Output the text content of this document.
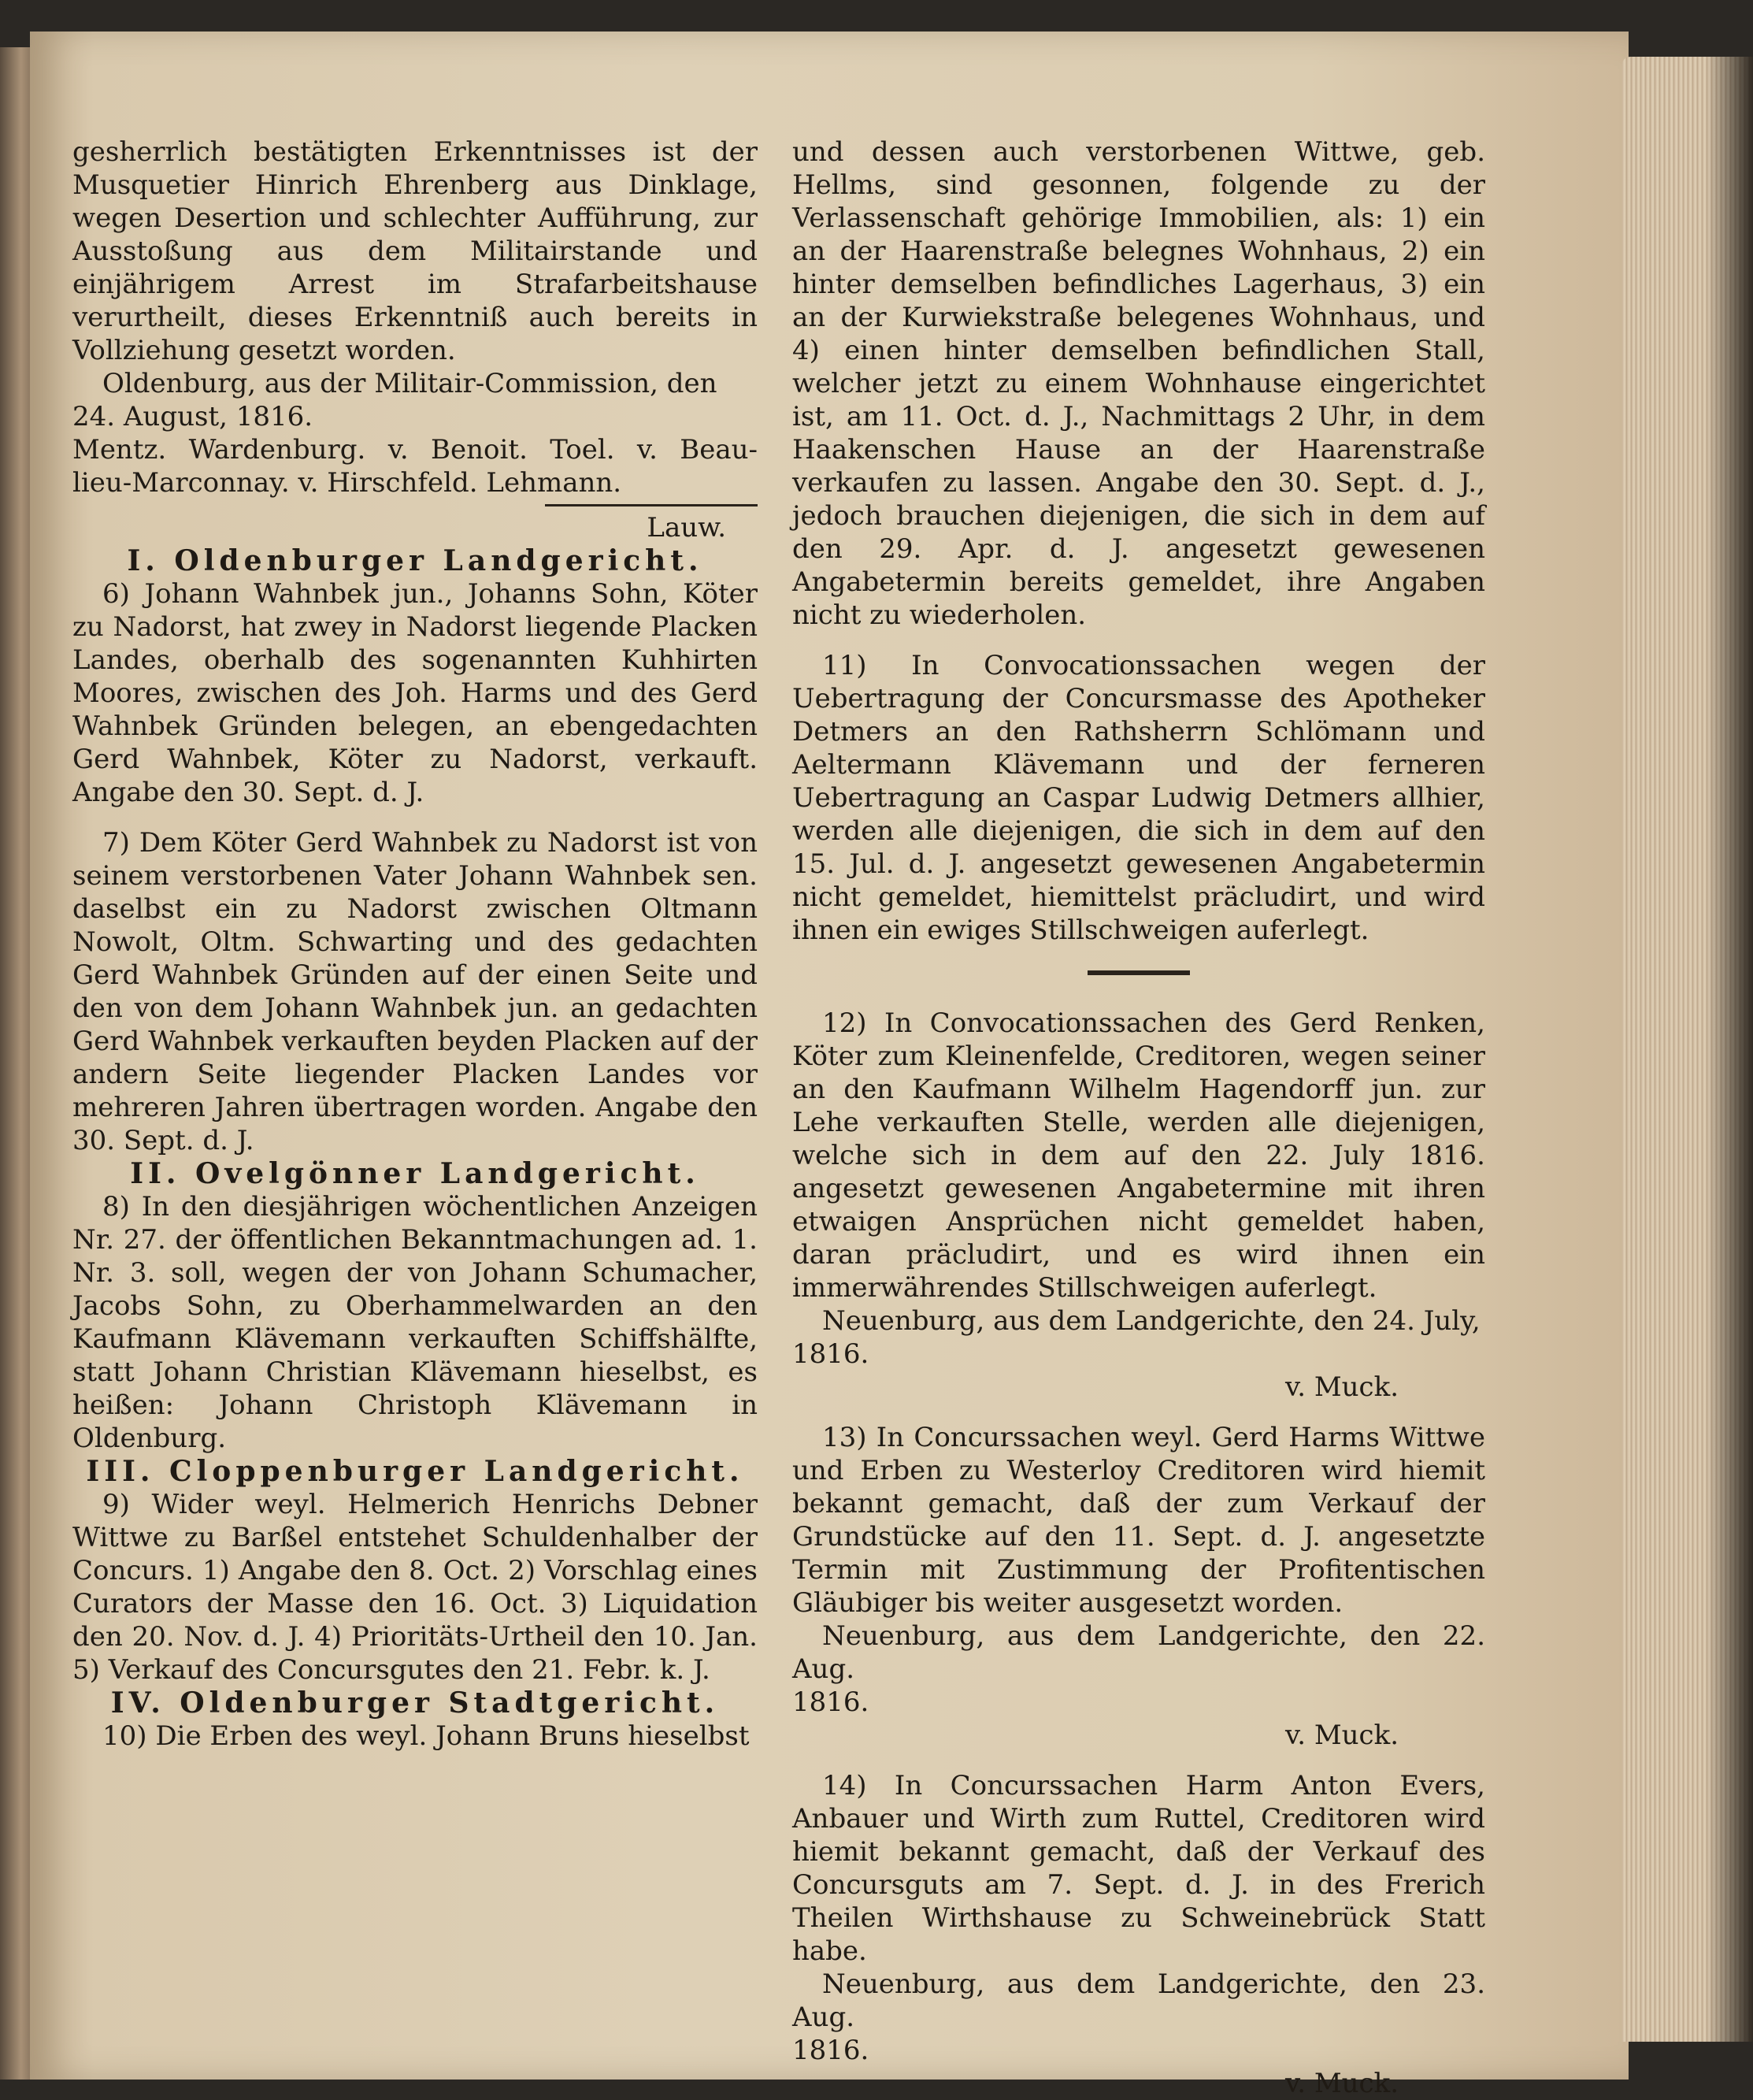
gesherrlich bestätigten Erkenntnisses ist der Musquetier Hinrich Ehrenberg aus Dinklage, wegen Desertion und schlechter Aufführung, zur Ausstoßung aus dem Militairstande und einjährigem Arrest im Strafarbeitshause verurtheilt, dieses Erkenntniß auch bereits in Vollziehung gesetzt worden.

Oldenburg, aus der Militair-Commission, den

24. August, 1816.

Mentz. Wardenburg. v. Benoit. Toel. v. Beau-

lieu-Marconnay. v. Hirschfeld. Lehmann.

Lauw.

I. Oldenburger Landgericht.

6) Johann Wahnbek jun., Johanns Sohn, Köter zu Nadorst, hat zwey in Nadorst liegende Placken Landes, oberhalb des sogenannten Kuhhirten Moores, zwischen des Joh. Harms und des Gerd Wahnbek Gründen belegen, an ebengedachten Gerd Wahnbek, Köter zu Nadorst, verkauft. Angabe den 30. Sept. d. J.

7) Dem Köter Gerd Wahnbek zu Nadorst ist von seinem verstorbenen Vater Johann Wahnbek sen. daselbst ein zu Nadorst zwischen Oltmann Nowolt, Oltm. Schwarting und des gedachten Gerd Wahnbek Gründen auf der einen Seite und den von dem Johann Wahnbek jun. an gedachten Gerd Wahnbek verkauften beyden Placken auf der andern Seite liegender Placken Landes vor mehreren Jahren übertragen worden. Angabe den 30. Sept. d. J.

II. Ovelgönner Landgericht.

8) In den diesjährigen wöchentlichen Anzeigen Nr. 27. der öffentlichen Bekanntmachungen ad. 1. Nr. 3. soll, wegen der von Johann Schumacher, Jacobs Sohn, zu Oberhammelwarden an den Kaufmann Klävemann verkauften Schiffshälfte, statt Johann Christian Klävemann hieselbst, es heißen: Johann Christoph Klävemann in Oldenburg.

III. Cloppenburger Landgericht.

9) Wider weyl. Helmerich Henrichs Debner Wittwe zu Barßel entstehet Schuldenhalber der Concurs. 1) Angabe den 8. Oct. 2) Vorschlag eines Curators der Masse den 16. Oct. 3) Liquidation den 20. Nov. d. J. 4) Prioritäts-Urtheil den 10. Jan. 5) Verkauf des Concursgutes den 21. Febr. k. J.

IV. Oldenburger Stadtgericht.

10) Die Erben des weyl. Johann Bruns hieselbst

und dessen auch verstorbenen Wittwe, geb. Hellms, sind gesonnen, folgende zu der Verlassenschaft gehörige Immobilien, als: 1) ein an der Haarenstraße belegnes Wohnhaus, 2) ein hinter demselben befindliches Lagerhaus, 3) ein an der Kurwiekstraße belegenes Wohnhaus, und 4) einen hinter demselben befindlichen Stall, welcher jetzt zu einem Wohnhause eingerichtet ist, am 11. Oct. d. J., Nachmittags 2 Uhr, in dem Haakenschen Hause an der Haarenstraße verkaufen zu lassen. Angabe den 30. Sept. d. J., jedoch brauchen diejenigen, die sich in dem auf den 29. Apr. d. J. angesetzt gewesenen Angabetermin bereits gemeldet, ihre Angaben nicht zu wiederholen.

11) In Convocationssachen wegen der Uebertragung der Concursmasse des Apotheker Detmers an den Rathsherrn Schlömann und Aeltermann Klävemann und der ferneren Uebertragung an Caspar Ludwig Detmers allhier, werden alle diejenigen, die sich in dem auf den 15. Jul. d. J. angesetzt gewesenen Angabetermin nicht gemeldet, hiemittelst präcludirt, und wird ihnen ein ewiges Stillschweigen auferlegt.

12) In Convocationssachen des Gerd Renken, Köter zum Kleinenfelde, Creditoren, wegen seiner an den Kaufmann Wilhelm Hagendorff jun. zur Lehe verkauften Stelle, werden alle diejenigen, welche sich in dem auf den 22. July 1816. angesetzt gewesenen Angabetermine mit ihren etwaigen Ansprüchen nicht gemeldet haben, daran präcludirt, und es wird ihnen ein immerwährendes Stillschweigen auferlegt.

Neuenburg, aus dem Landgerichte, den 24. July,

1816.

v. Muck.

13) In Concurssachen weyl. Gerd Harms Wittwe und Erben zu Westerloy Creditoren wird hiemit bekannt gemacht, daß der zum Verkauf der Grundstücke auf den 11. Sept. d. J. angesetzte Termin mit Zustimmung der Profitentischen Gläubiger bis weiter ausgesetzt worden.

Neuenburg, aus dem Landgerichte, den 22. Aug.

1816.

v. Muck.

14) In Concurssachen Harm Anton Evers, Anbauer und Wirth zum Ruttel, Creditoren wird hiemit bekannt gemacht, daß der Verkauf des Concursguts am 7. Sept. d. J. in des Frerich Theilen Wirthshause zu Schweinebrück Statt habe.

Neuenburg, aus dem Landgerichte, den 23. Aug.

1816.

v. Muck.
